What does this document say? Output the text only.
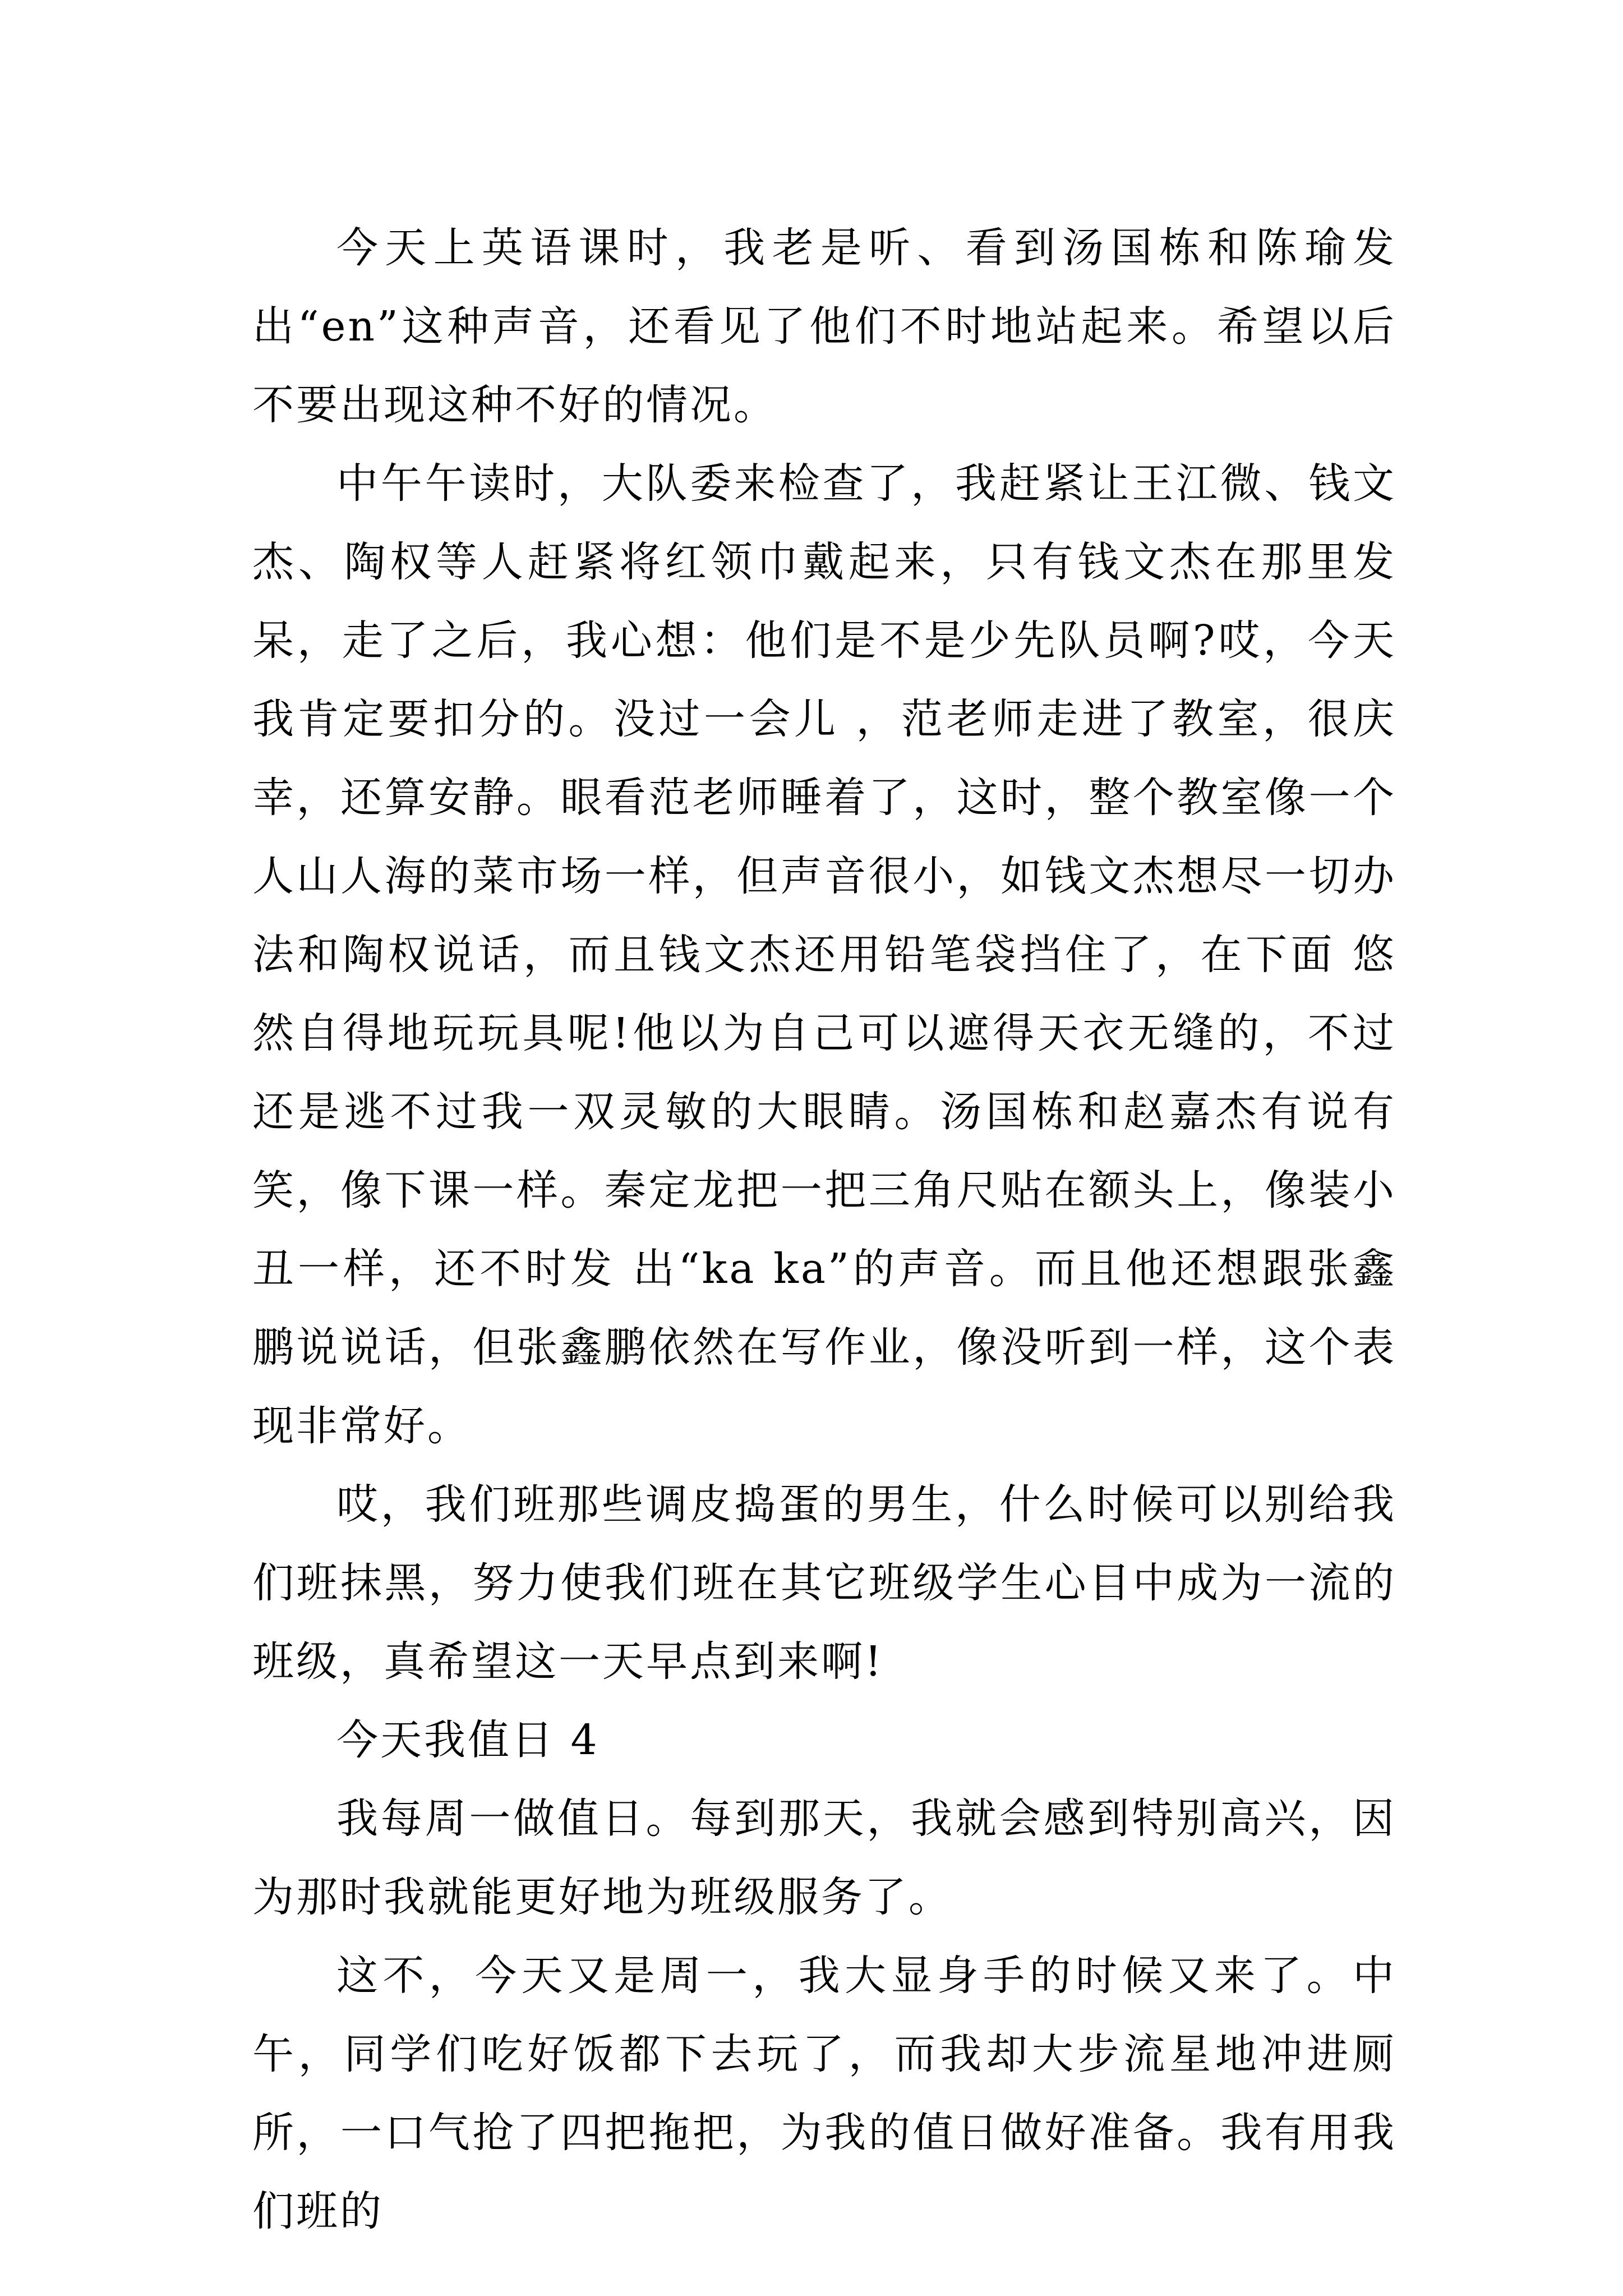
今天上英语课时，我老是听、看到汤国栋和陈瑜发出“en”这种声音，还看见了他们不时地站起来。希望以后不要出现这种不好的情况。

中午午读时，大队委来检查了，我赶紧让王江微、钱文杰、陶权等人赶紧将红领巾戴起来，只有钱文杰在那里发呆，走了之后，我心想：他们是不是少先队员啊?哎，今天我肯定要扣分的。没过一会儿 ，范老师走进了教室，很庆幸，还算安静。眼看范老师睡着了，这时，整个教室像一个人山人海的菜市场一样，但声音很小，如钱文杰想尽一切办法和陶权说话，而且钱文杰还用铅笔袋挡住了，在下面 悠然自得地玩玩具呢!他以为自己可以遮得天衣无缝的，不过还是逃不过我一双灵敏的大眼睛。汤国栋和赵嘉杰有说有笑，像下课一样。秦定龙把一把三角尺贴在额头上，像装小丑一样，还不时发 出“ka ka”的声音。而且他还想跟张鑫鹏说说话，但张鑫鹏依然在写作业，像没听到一样，这个表现非常好。

哎，我们班那些调皮捣蛋的男生，什么时候可以别给我们班抹黑，努力使我们班在其它班级学生心目中成为一流的班级，真希望这一天早点到来啊!

今天我值日 4

我每周一做值日。每到那天，我就会感到特别高兴，因为那时我就能更好地为班级服务了。

这不，今天又是周一，我大显身手的时候又来了。中午，同学们吃好饭都下去玩了，而我却大步流星地冲进厕所，一口气抢了四把拖把，为我的值日做好准备。我有用我们班的
